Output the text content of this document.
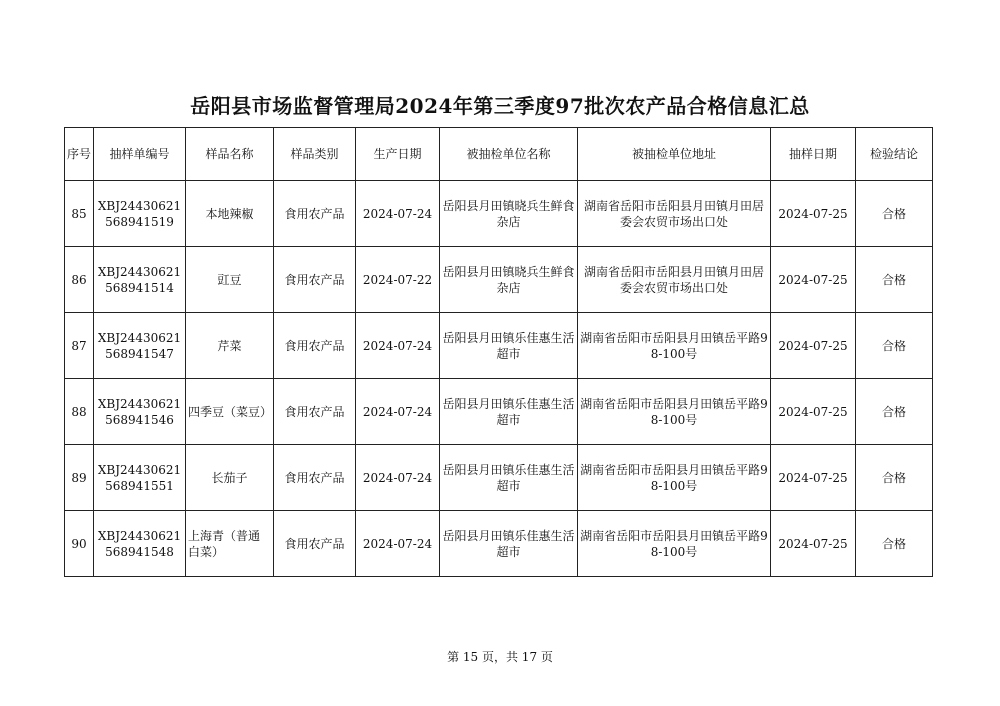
岳阳县市场监督管理局2024年第三季度97批次农产品合格信息汇总
序号	抽样单编号	样品名称	样品类别	生产日期	被抽检单位名称	被抽检单位地址	抽样日期	检验结论
85	XBJ24430621568941519	本地辣椒	食用农产品	2024-07-24	岳阳县月田镇晓兵生鲜食杂店	湖南省岳阳市岳阳县月田镇月田居委会农贸市场出口处	2024-07-25	合格
86	XBJ24430621568941514	豇豆	食用农产品	2024-07-22	岳阳县月田镇晓兵生鲜食杂店	湖南省岳阳市岳阳县月田镇月田居委会农贸市场出口处	2024-07-25	合格
87	XBJ24430621568941547	芹菜	食用农产品	2024-07-24	岳阳县月田镇乐佳惠生活超市	湖南省岳阳市岳阳县月田镇岳平路98-100号	2024-07-25	合格
88	XBJ24430621568941546	四季豆（菜豆）	食用农产品	2024-07-24	岳阳县月田镇乐佳惠生活超市	湖南省岳阳市岳阳县月田镇岳平路98-100号	2024-07-25	合格
89	XBJ24430621568941551	长茄子	食用农产品	2024-07-24	岳阳县月田镇乐佳惠生活超市	湖南省岳阳市岳阳县月田镇岳平路98-100号	2024-07-25	合格
90	XBJ24430621568941548	上海青（普通白菜）	食用农产品	2024-07-24	岳阳县月田镇乐佳惠生活超市	湖南省岳阳市岳阳县月田镇岳平路98-100号	2024-07-25	合格
第 15 页，共 17 页
